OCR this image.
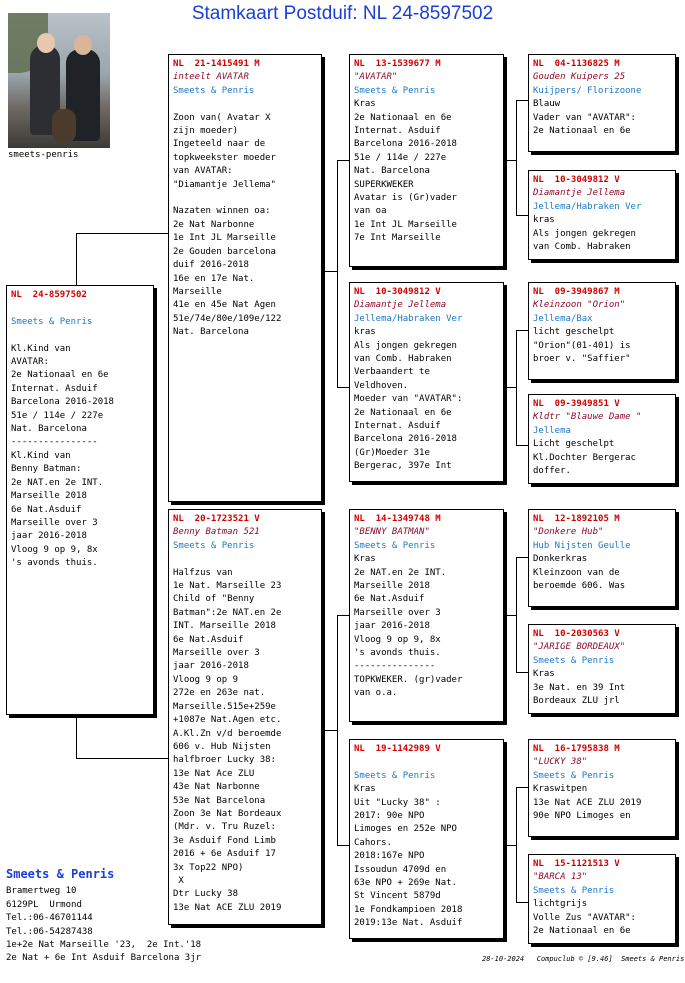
Stamkaart Postduif: NL 24-8597502
smeets-penris
NL  24-8597502

Smeets & Penris

Kl.Kind van
AVATAR:
2e Nationaal en 6e
Internat. Asduif
Barcelona 2016-2018
51e / 114e / 227e
Nat. Barcelona
----------------
Kl.Kind van
Benny Batman:
2e NAT.en 2e INT.
Marseille 2018
6e Nat.Asduif
Marseille over 3
jaar 2016-2018
Vloog 9 op 9, 8x
's avonds thuis.
NL  21-1415491 M
inteelt AVATAR
Smeets & Penris

Zoon van( Avatar X
zijn moeder)
Ingeteeld naar de
topkweekster moeder
van AVATAR:
"Diamantje Jellema"

Nazaten winnen oa:
2e Nat Narbonne
1e Int JL Marseille
2e Gouden barcelona
duif 2016-2018
16e en 17e Nat.
Marseille
41e en 45e Nat Agen
51e/74e/80e/109e/122
Nat. Barcelona
NL  20-1723521 V
Benny Batman 521
Smeets & Penris

Halfzus van
1e Nat. Marseille 23
Child of "Benny
Batman":2e NAT.en 2e
INT. Marseille 2018
6e Nat.Asduif
Marseille over 3
jaar 2016-2018
Vloog 9 op 9
272e en 263e nat.
Marseille.515e+259e
+1087e Nat.Agen etc.
A.Kl.Zn v/d beroemde
606 v. Hub Nijsten
halfbroer Lucky 38:
13e Nat Ace ZLU
43e Nat Narbonne
53e Nat Barcelona
Zoon 3e Nat Bordeaux
(Mdr. v. Tru Ruzel:
3e Asduif Fond Limb
2016 + 6e Asduif 17
3x Top22 NPO)
X
Dtr Lucky 38
13e Nat ACE ZLU 2019
NL  13-1539677 M
"AVATAR"
Smeets & Penris
Kras
2e Nationaal en 6e
Internat. Asduif
Barcelona 2016-2018
51e / 114e / 227e
Nat. Barcelona
SUPERKWEKER
Avatar is (Gr)vader
van oa
1e Int JL Marseille
7e Int Marseille
NL  10-3049812 V
Diamantje Jellema
Jellema/Habraken Ver
kras
Als jongen gekregen
van Comb. Habraken
Verbaandert te
Veldhoven.
Moeder van "AVATAR":
2e Nationaal en 6e
Internat. Asduif
Barcelona 2016-2018
(Gr)Moeder 31e
Bergerac, 397e Int
NL  14-1349748 M
"BENNY BATMAN"
Smeets & Penris
Kras
2e NAT.en 2e INT.
Marseille 2018
6e Nat.Asduif
Marseille over 3
jaar 2016-2018
Vloog 9 op 9, 8x
's avonds thuis.
---------------
TOPKWEKER. (gr)vader
van o.a.
NL  19-1142989 V

Smeets & Penris
Kras
Uit "Lucky 38" :
2017: 90e NPO
Limoges en 252e NPO
Cahors.
2018:167e NPO
Issoudun 4709d en
63e NPO + 269e Nat.
St Vincent 5879d
1e Fondkampioen 2018
2019:13e Nat. Asduif
NL  04-1136825 M
Gouden Kuipers 25
Kuijpers/ Florizoone
Blauw
Vader van "AVATAR":
2e Nationaal en 6e
NL  10-3049812 V
Diamantje Jellema
Jellema/Habraken Ver
kras
Als jongen gekregen
van Comb. Habraken
NL  09-3949867 M
Kleinzoon "Orion"
Jellema/Bax
licht geschelpt
"Orion"(01-401) is
broer v. "Saffier"
NL  09-3949851 V
Kldtr "Blauwe Dame "
Jellema
Licht geschelpt
Kl.Dochter Bergerac
doffer.
NL  12-1892105 M
"Donkere Hub"
Hub Nijsten Geulle
Donkerkras
Kleinzoon van de
beroemde 606. Was
NL  10-2030563 V
"JARIGE BORDEAUX"
Smeets & Penris
Kras
3e Nat. en 39 Int
Bordeaux ZLU jrl
NL  16-1795838 M
"LUCKY 38"
Smeets & Penris
Kraswitpen
13e Nat ACE ZLU 2019
90e NPO Limoges en
NL  15-1121513 V
"BARCA 13"
Smeets & Penris
lichtgrijs
Volle Zus "AVATAR":
2e Nationaal en 6e
Smeets & Penris
Bramertweg 10
6129PL  Urmond
Tel.:06-46701144
Tel.:06-54287438
1e+2e Nat Marseille '23,  2e Int.'18
2e Nat + 6e Int Asduif Barcelona 3jr	28-10-2024   Compuclub © [9.46]  Smeets & Penris
